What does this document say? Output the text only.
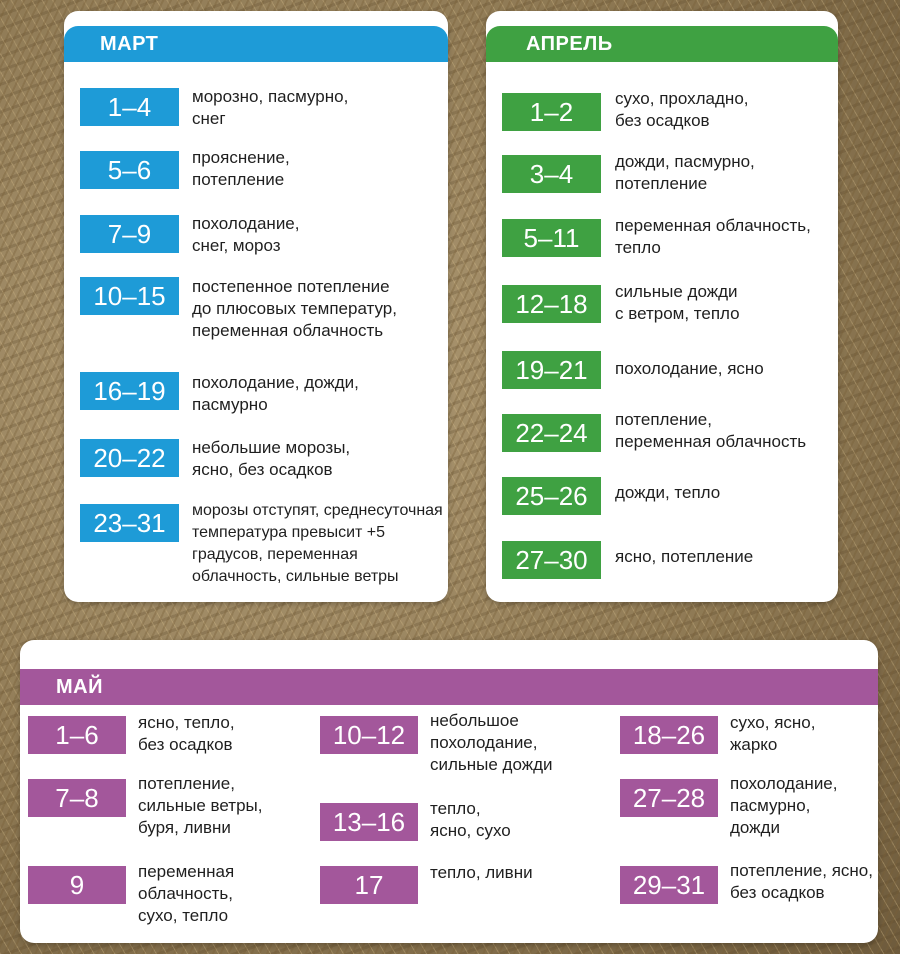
МАРТ
1–4	морозно, пасмурно,
снег
5–6	прояснение,
потепление
7–9	похолодание,
снег, мороз
10–15	постепенное потепление
до плюсовых температур,
переменная облачность
16–19	похолодание, дожди,
пасмурно
20–22	небольшие морозы,
ясно, без осадков
23–31	морозы отступят, среднесуточная
температура превысит +5
градусов, переменная
облачность, сильные ветры
АПРЕЛЬ
1–2	сухо, прохладно,
без осадков
3–4	дожди, пасмурно,
потепление
5–11	переменная облачность,
тепло
12–18	сильные дожди
с ветром, тепло
19–21	похолодание, ясно
22–24	потепление,
переменная облачность
25–26	дожди, тепло
27–30	ясно, потепление
МАЙ
1–6	ясно, тепло,
без осадков
7–8	потепление,
сильные ветры,
буря, ливни
9	переменная
облачность,
сухо, тепло
10–12	небольшое
похолодание,
сильные дожди
13–16	тепло,
ясно, сухо
17	тепло, ливни
18–26	сухо, ясно,
жарко
27–28	похолодание,
пасмурно,
дожди
29–31	потепление, ясно,
без осадков
